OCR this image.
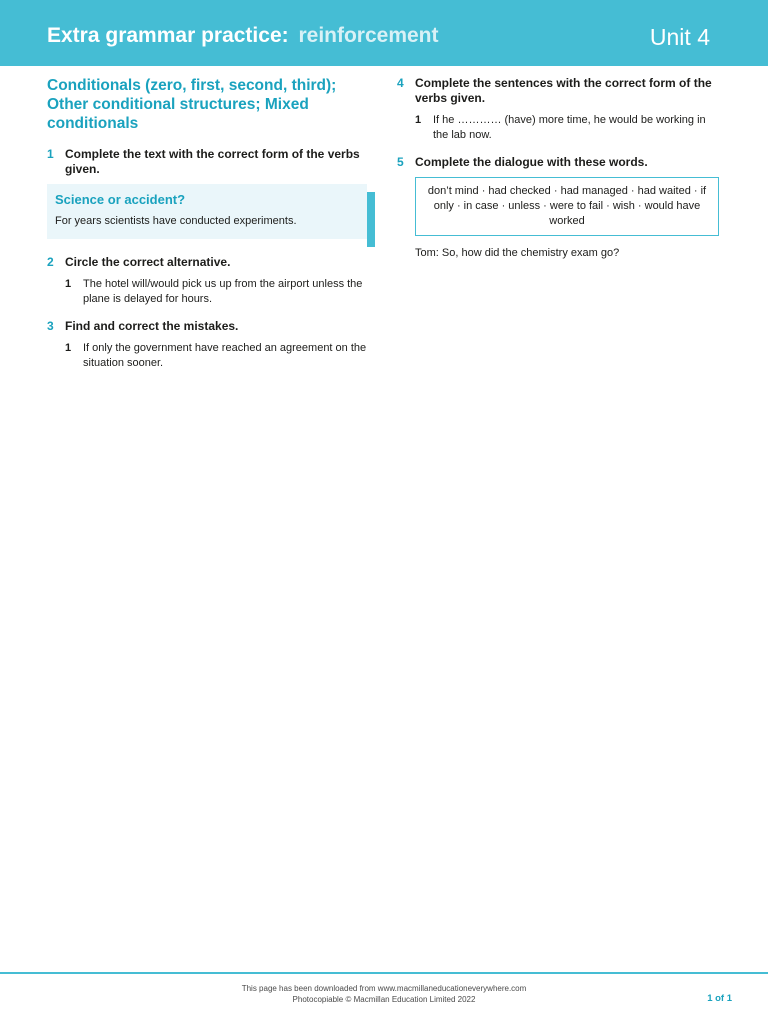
Extra grammar practice: reinforcement	Unit 4
Conditionals (zero, first, second, third); Other conditional structures; Mixed conditionals
1 Complete the text with the correct form of the verbs given.
Science or accident?
For years scientists have conducted experiments.
2 Circle the correct alternative.
1	The hotel will/would pick us up from the airport unless the plane is delayed for hours.
3 Find and correct the mistakes.
1	If only the government have reached an agreement on the situation sooner.
4 Complete the sentences with the correct form of the verbs given.
1	If he ………… (have) more time, he would be working in the lab now.
5 Complete the dialogue with these words.
don’t mind · had checked · had managed · had waited · if only · in case · unless · were to fail · wish · would have worked
Tom: So, how did the chemistry exam go?
This page has been downloaded from www.macmillaneducationeverywhere.com
Photocopiable © Macmillan Education Limited 2022	1 of 1
